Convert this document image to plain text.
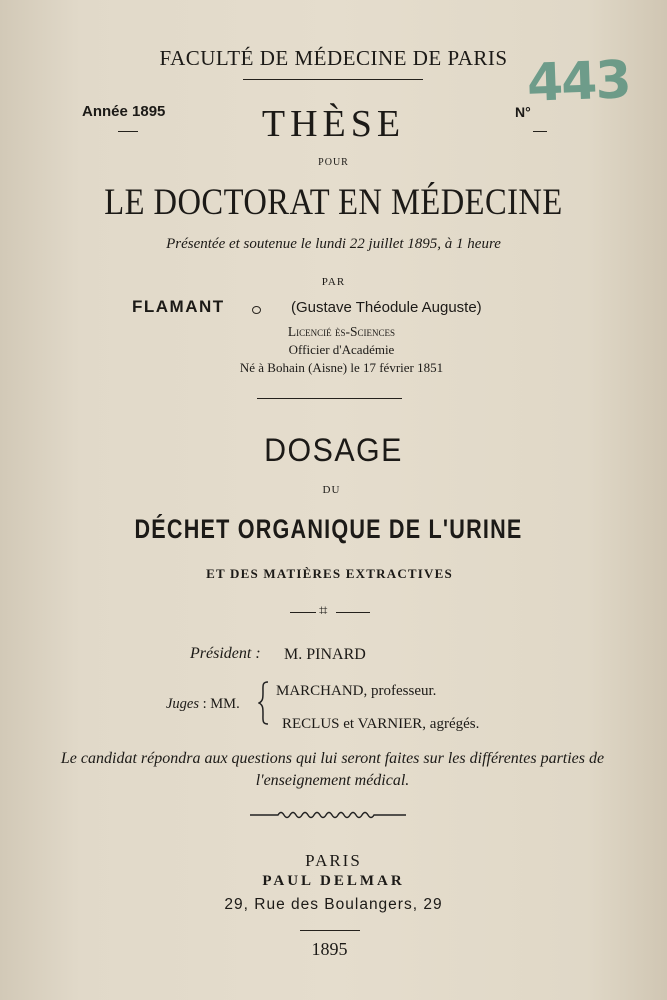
443
FACULTÉ DE MÉDECINE DE PARIS
Année 1895	N°
THÈSE
POUR
LE DOCTORAT EN MÉDECINE
Présentée et soutenue le lundi 22 juillet 1895, à 1 heure
PAR
FLAMANT	(Gustave Théodule Auguste)
Licencié ès-Sciences
Officier d'Académie
Né à Bohain (Aisne) le 17 février 1851
DOSAGE
DU
DÉCHET ORGANIQUE DE L'URINE
ET DES MATIÈRES EXTRACTIVES
⌗
Président : M. PINARD
Juges : MM.
MARCHAND, professeur.
RECLUS et VARNIER, agrégés.
Le candidat répondra aux questions qui lui seront faites sur les différentes parties de l'enseignement médical.
PARIS
PAUL DELMAR
29, Rue des Boulangers, 29
1895
